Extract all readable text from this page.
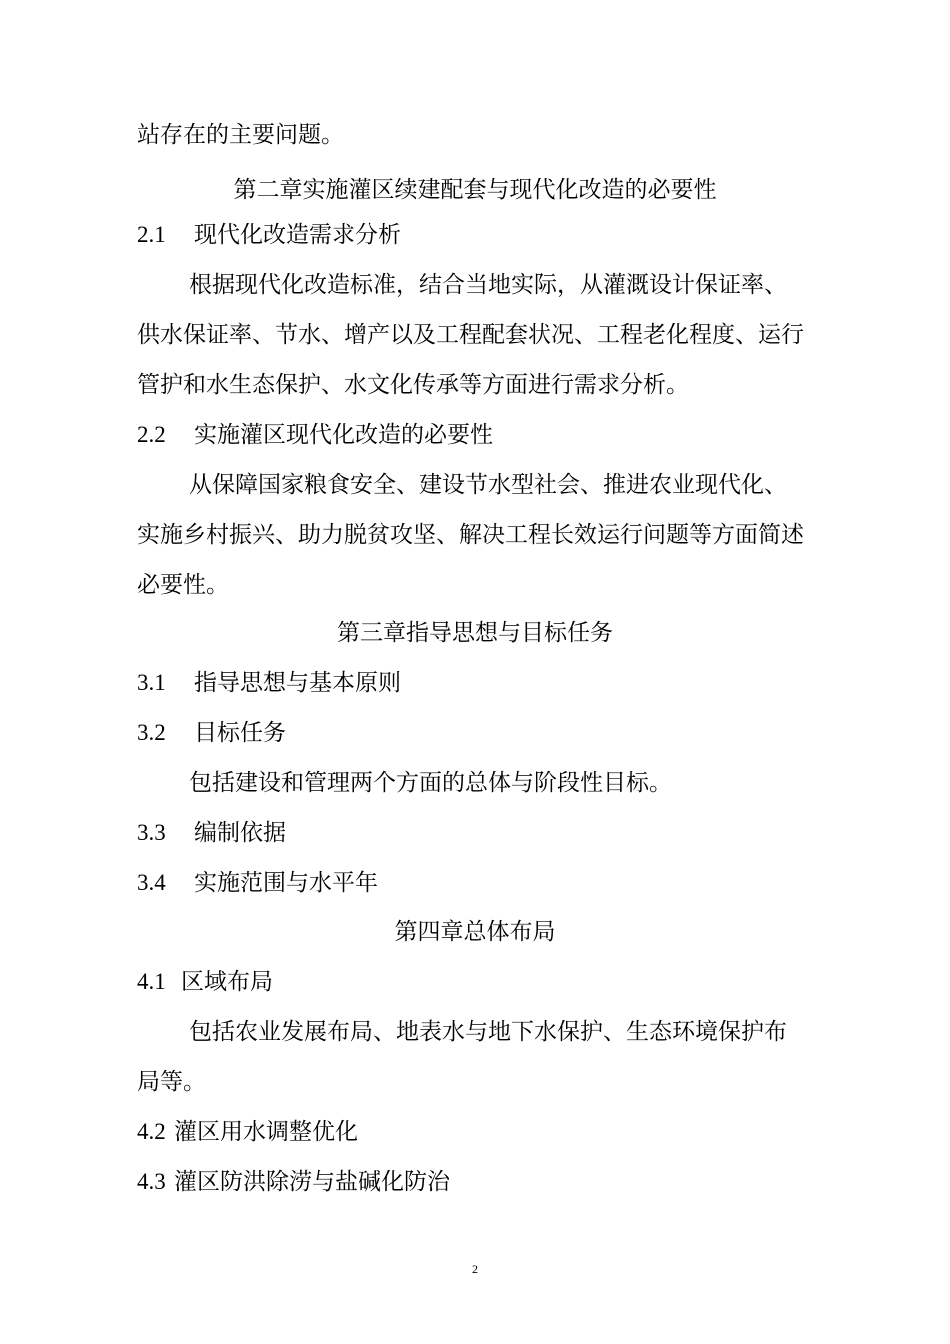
站存在的主要问题。
第二章实施灌区续建配套与现代化改造的必要性
2.1 现代化改造需求分析
根据现代化改造标准，结合当地实际，从灌溉设计保证率、
供水保证率、节水、增产以及工程配套状况、工程老化程度、运行
管护和水生态保护、水文化传承等方面进行需求分析。
2.2 实施灌区现代化改造的必要性
从保障国家粮食安全、建设节水型社会、推进农业现代化、
实施乡村振兴、助力脱贫攻坚、解决工程长效运行问题等方面简述
必要性。
第三章指导思想与目标任务
3.1 指导思想与基本原则
3.2 目标任务
包括建设和管理两个方面的总体与阶段性目标。
3.3 编制依据
3.4 实施范围与水平年
第四章总体布局
4.1 区域布局
包括农业发展布局、地表水与地下水保护、生态环境保护布
局等。
4.2 灌区用水调整优化
4.3 灌区防洪除涝与盐碱化防治
2
